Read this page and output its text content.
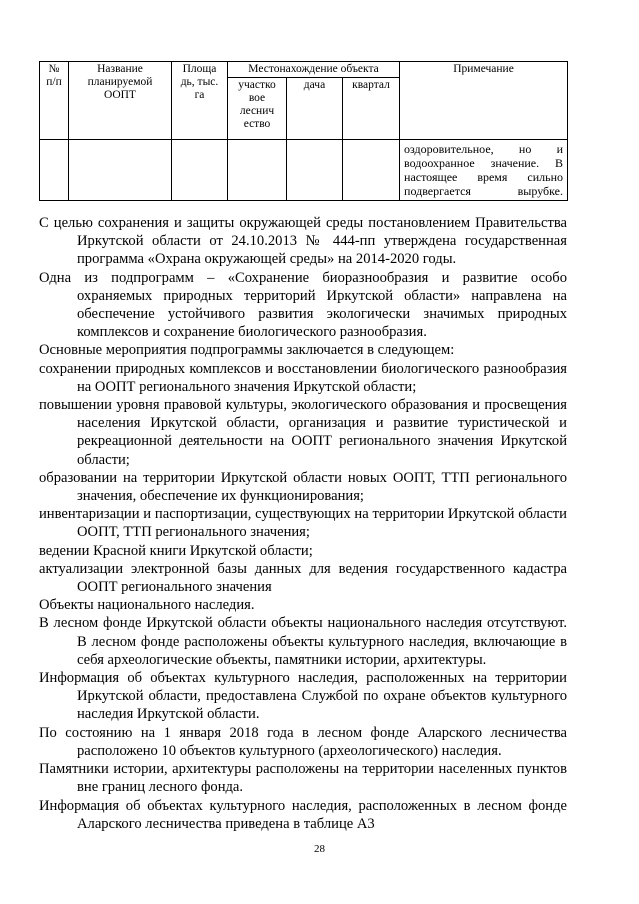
№ п/п	Название планируемой ООПТ	Площа дь, тыс. га	Местонахождение объекта			Примечание
			участко вое леснич ество	дача	квартал	
						оздоровительное, но и водоохранное значение. В настоящее время сильно подвергается вырубке.

С целью сохранения и защиты окружающей среды постановлением Правительства Иркутской области от 24.10.2013 № 444-пп утверждена государственная программа «Охрана окружающей среды» на 2014-2020 годы.

Одна из подпрограмм – «Сохранение биоразнообразия и развитие особо охраняемых природных территорий Иркутской области» направлена на обеспечение устойчивого развития экологически значимых природных комплексов и сохранение биологического разнообразия.

Основные мероприятия подпрограммы заключается в следующем:

сохранении природных комплексов и восстановлении биологического разнообразия на ООПТ регионального значения Иркутской области;

повышении уровня правовой культуры, экологического образования и просвещения населения Иркутской области, организация и развитие туристической и рекреационной деятельности на ООПТ регионального значения Иркутской области;

образовании на территории Иркутской области новых ООПТ, ТТП регионального значения, обеспечение их функционирования;

инвентаризации и паспортизации, существующих на территории Иркутской области ООПТ, ТТП регионального значения;

ведении Красной книги Иркутской области;

актуализации электронной базы данных для ведения государственного кадастра ООПТ регионального значения

Объекты национального наследия.

В лесном фонде Иркутской области объекты национального наследия отсутствуют. В лесном фонде расположены объекты культурного наследия, включающие в себя археологические объекты, памятники истории, архитектуры.

Информация об объектах культурного наследия, расположенных на территории Иркутской области, предоставлена Службой по охране объектов культурного наследия Иркутской области.

По состоянию на 1 января 2018 года в лесном фонде Аларского лесничества расположено 10 объектов культурного (археологического) наследия.

Памятники истории, архитектуры расположены на территории населенных пунктов вне границ лесного фонда.

Информация об объектах культурного наследия, расположенных в лесном фонде Аларского лесничества приведена в таблице А3

28
